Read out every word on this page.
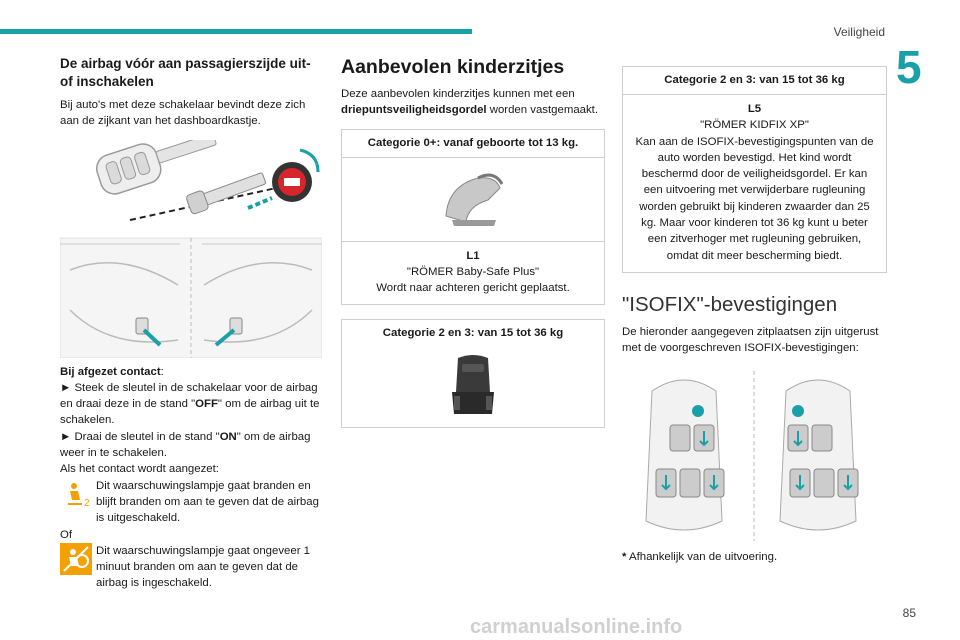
Veiligheid
5
De airbag vóór aan passagierszijde uit- of inschakelen

Bij auto's met deze schakelaar bevindt deze zich aan de zijkant van het dashboardkastje.

Bij afgezet contact:

► Steek de sleutel in de schakelaar voor de airbag en draai deze in de stand "OFF" om de airbag uit te schakelen.

► Draai de sleutel in de stand "ON" om de airbag weer in te schakelen.

Als het contact wordt aangezet:

2

Dit waarschuwingslampje gaat branden en blijft branden om aan te geven dat de airbag is uitgeschakeld.

Of

Dit waarschuwingslampje gaat ongeveer 1 minuut branden om aan te geven dat de airbag is ingeschakeld.

Aanbevolen kinderzitjes

Deze aanbevolen kinderzitjes kunnen met een driepuntsveiligheidsgordel worden vastgemaakt.

Categorie 0+: vanaf geboorte tot 13 kg.
L1
"RÖMER Baby-Safe Plus"
Wordt naar achteren gericht geplaatst.
Categorie 2 en 3: van 15 tot 36 kg
Categorie 2 en 3: van 15 tot 36 kg
L5
"RÖMER KIDFIX XP"
Kan aan de ISOFIX-bevestigingspunten van de auto worden bevestigd. Het kind wordt beschermd door de veiligheidsgordel. Er kan een uitvoering met verwijderbare rugleuning worden gebruikt bij kinderen zwaarder dan 25 kg. Maar voor kinderen tot 36 kg kunt u beter een zitverhoger met rugleuning gebruiken, omdat dit meer bescherming biedt.
"ISOFIX"-bevestigingen

De hieronder aangegeven zitplaatsen zijn uitgerust met de voorgeschreven ISOFIX-bevestigingen:

* Afhankelijk van de uitvoering.

85
carmanualsonline.info
